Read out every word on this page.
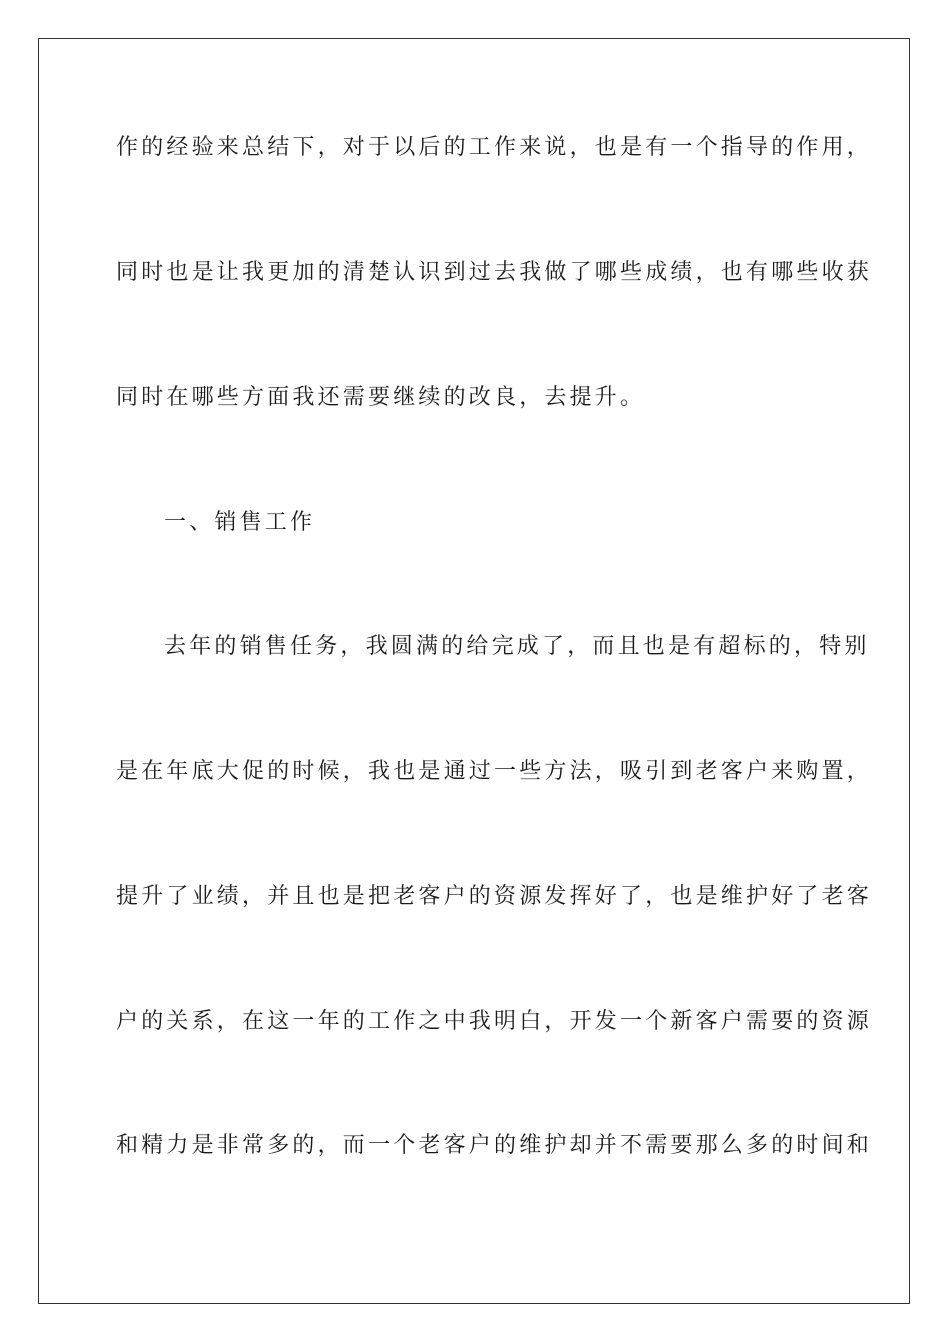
作的经验来总结下，对于以后的工作来说，也是有一个指导的作用，
同时也是让我更加的清楚认识到过去我做了哪些成绩，也有哪些收获
同时在哪些方面我还需要继续的改良，去提升。
一、销售工作
去年的销售任务，我圆满的给完成了，而且也是有超标的，特别
是在年底大促的时候，我也是通过一些方法，吸引到老客户来购置，
提升了业绩，并且也是把老客户的资源发挥好了，也是维护好了老客
户的关系，在这一年的工作之中我明白，开发一个新客户需要的资源
和精力是非常多的，而一个老客户的维护却并不需要那么多的时间和
